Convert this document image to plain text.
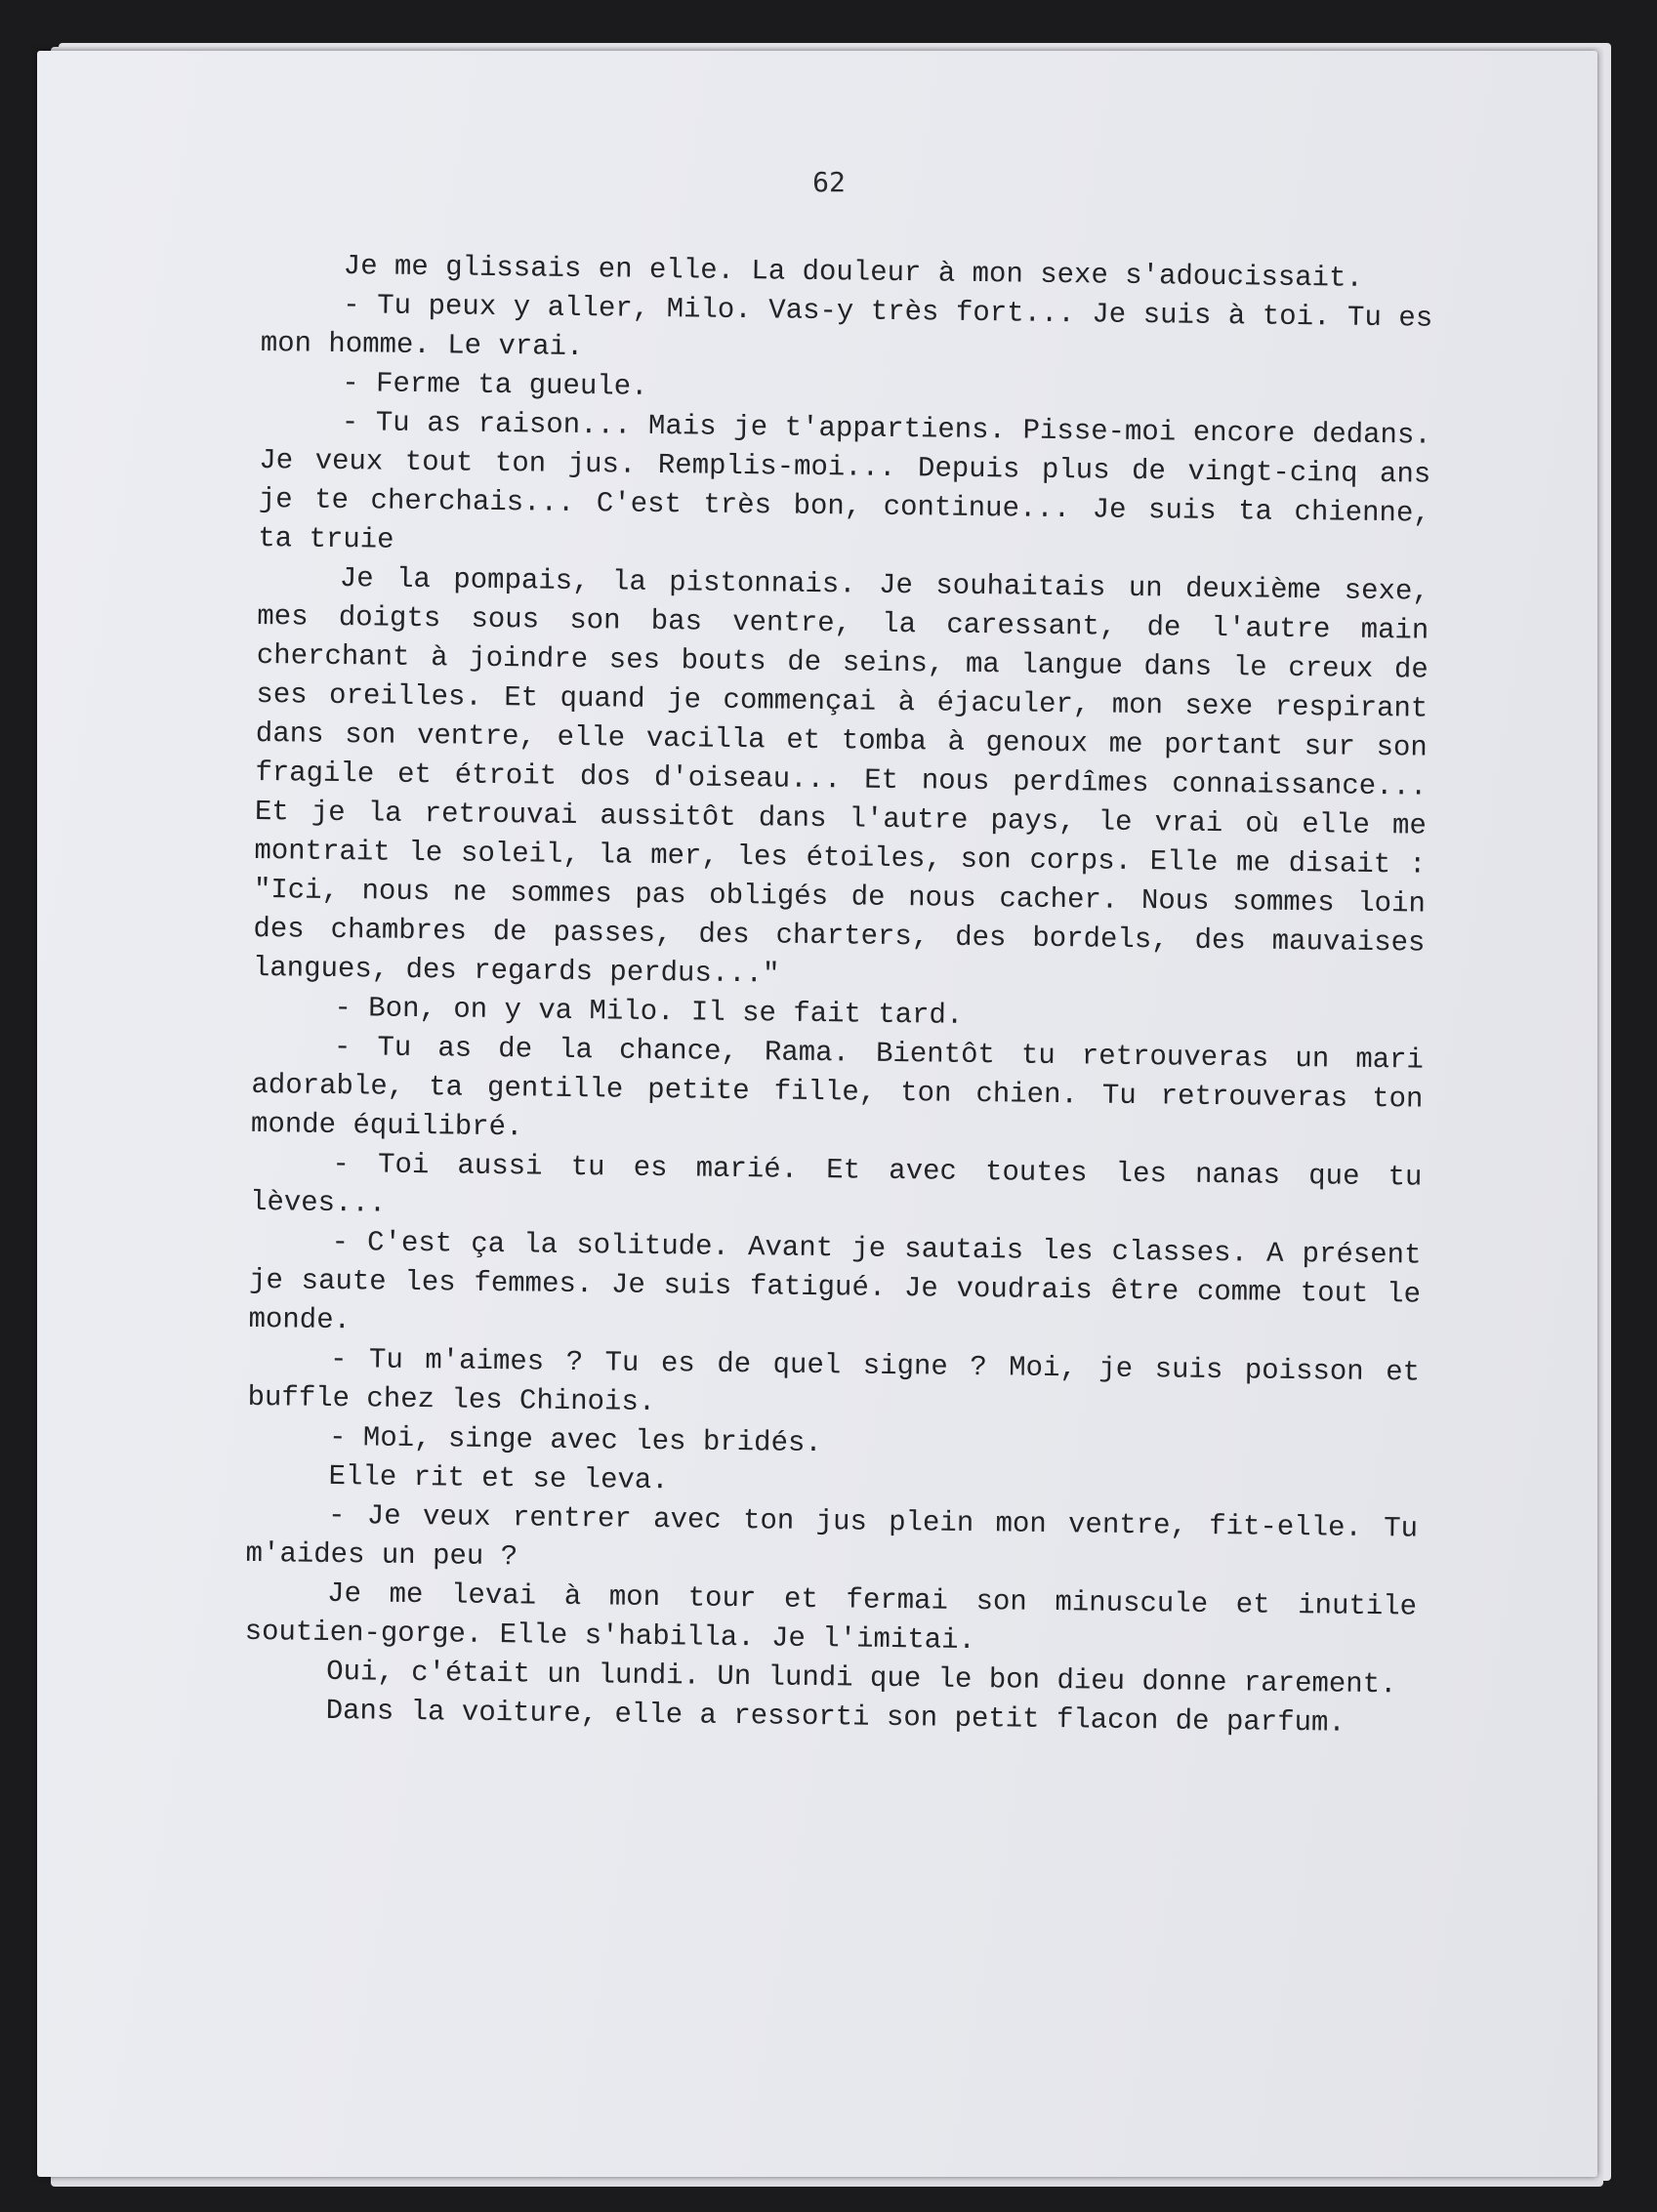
62

Je me glissais en elle. La douleur à mon sexe s'adoucissait.

- Tu peux y aller, Milo. Vas-y très fort... Je suis à toi. Tu es mon homme. Le vrai.

- Ferme ta gueule.

- Tu as raison... Mais je t'appartiens. Pisse-moi encore dedans. Je veux tout ton jus. Remplis-moi... Depuis plus de vingt-cinq ans je te cherchais... C'est très bon, continue... Je suis ta chienne, ta truie

Je la pompais, la pistonnais. Je souhaitais un deuxième sexe, mes doigts sous son bas ventre, la caressant, de l'autre main cherchant à joindre ses bouts de seins, ma langue dans le creux de ses oreilles. Et quand je commençai à éjaculer, mon sexe respirant dans son ventre, elle vacilla et tomba à genoux me portant sur son fragile et étroit dos d'oiseau... Et nous perdîmes connaissance... Et je la retrouvai aussitôt dans l'autre pays, le vrai où elle me montrait le soleil, la mer, les étoiles, son corps. Elle me disait : "Ici, nous ne sommes pas obligés de nous cacher. Nous sommes loin des chambres de passes, des charters, des bordels, des mauvaises langues, des regards perdus..."

- Bon, on y va Milo. Il se fait tard.

- Tu as de la chance, Rama. Bientôt tu retrouveras un mari adorable, ta gentille petite fille, ton chien. Tu retrouveras ton monde équilibré.

- Toi aussi tu es marié. Et avec toutes les nanas que tu lèves...

- C'est ça la solitude. Avant je sautais les classes. A présent je saute les femmes. Je suis fatigué. Je voudrais être comme tout le monde.

- Tu m'aimes ? Tu es de quel signe ? Moi, je suis poisson et buffle chez les Chinois.

- Moi, singe avec les bridés.

Elle rit et se leva.

- Je veux rentrer avec ton jus plein mon ventre, fit-elle. Tu m'aides un peu ?

Je me levai à mon tour et fermai son minuscule et inutile soutien-gorge. Elle s'habilla. Je l'imitai.

Oui, c'était un lundi. Un lundi que le bon dieu donne rarement.

Dans la voiture, elle a ressorti son petit flacon de parfum.
